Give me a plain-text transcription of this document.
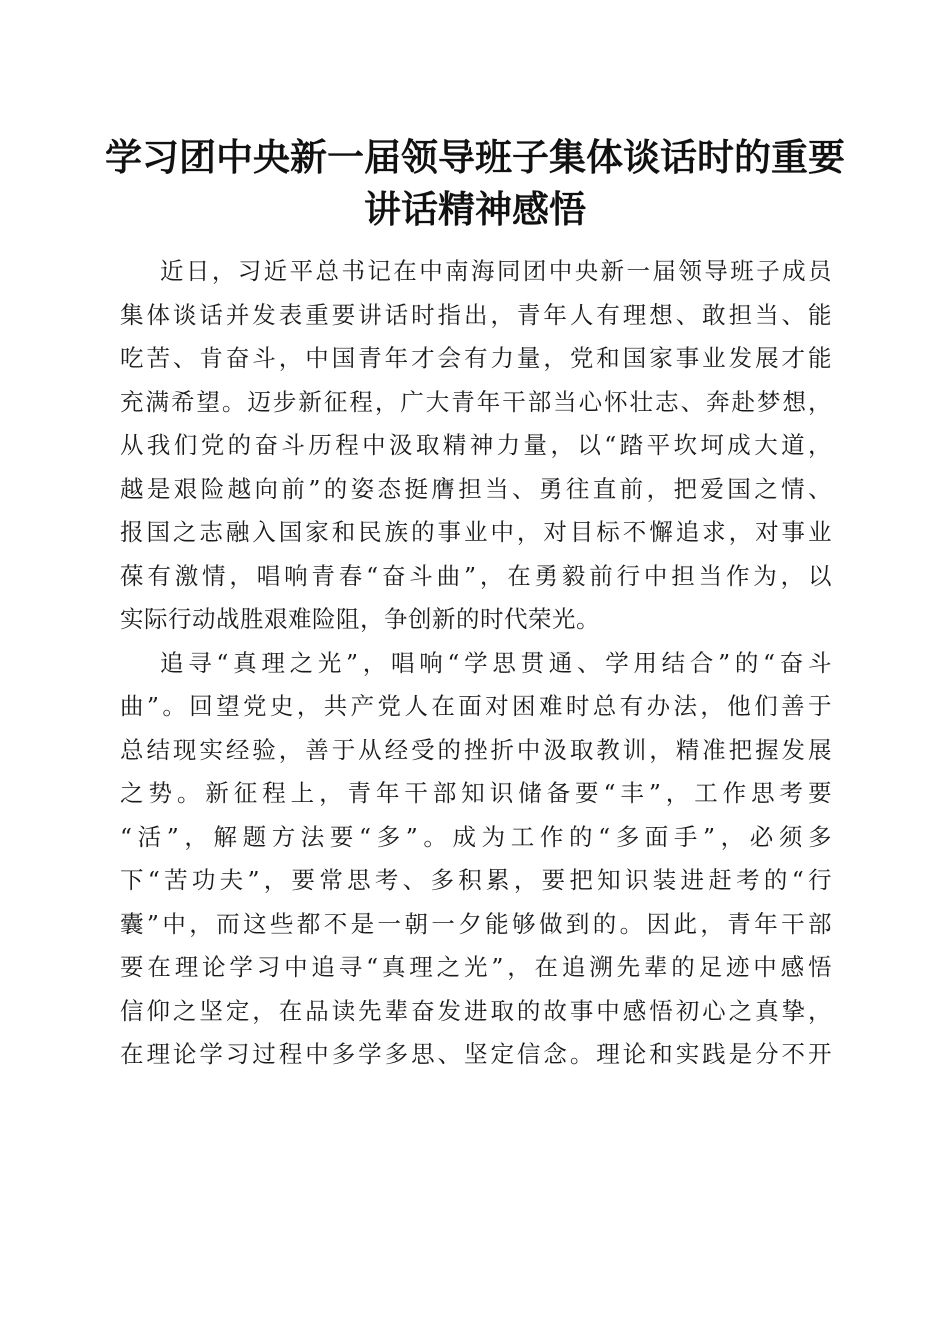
学习团中央新一届领导班子集体谈话时的重要
讲话精神感悟
近日，习近平总书记在中南海同团中央新一届领导班子成员
集体谈话并发表重要讲话时指出，青年人有理想、敢担当、能
吃苦、肯奋斗，中国青年才会有力量，党和国家事业发展才能
充满希望。迈步新征程，广大青年干部当心怀壮志、奔赴梦想，
从我们党的奋斗历程中汲取精神力量，以“踏平坎坷成大道，
越是艰险越向前”的姿态挺膺担当、勇往直前，把爱国之情、
报国之志融入国家和民族的事业中，对目标不懈追求，对事业
葆有激情，唱响青春“奋斗曲”，在勇毅前行中担当作为，以
实际行动战胜艰难险阻，争创新的时代荣光。
追寻“真理之光”，唱响“学思贯通、学用结合”的“奋斗
曲”。回望党史，共产党人在面对困难时总有办法，他们善于
总结现实经验，善于从经受的挫折中汲取教训，精准把握发展
之势。新征程上，青年干部知识储备要“丰”，工作思考要
“活”，解题方法要“多”。成为工作的“多面手”，必须多
下“苦功夫”，要常思考、多积累，要把知识装进赶考的“行
囊”中，而这些都不是一朝一夕能够做到的。因此，青年干部
要在理论学习中追寻“真理之光”，在追溯先辈的足迹中感悟
信仰之坚定，在品读先辈奋发进取的故事中感悟初心之真挚，
在理论学习过程中多学多思、坚定信念。理论和实践是分不开
